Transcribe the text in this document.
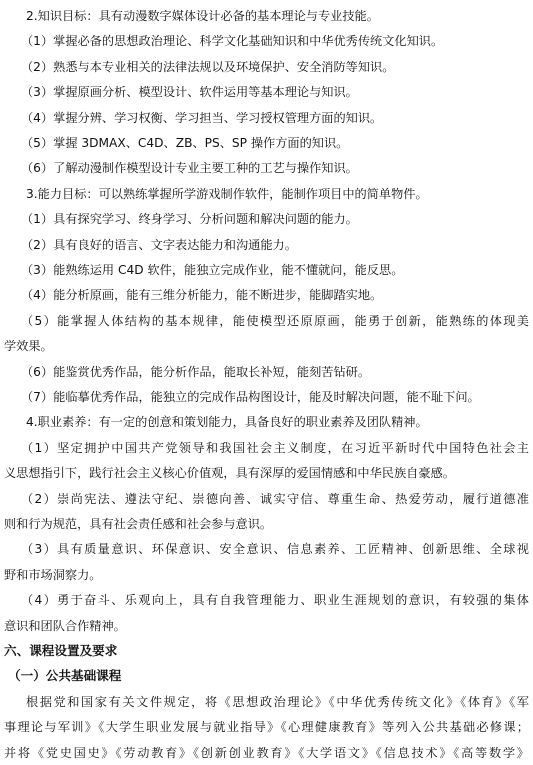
2.知识目标：具有动漫数字媒体设计必备的基本理论与专业技能。
（1）掌握必备的思想政治理论、科学文化基础知识和中华优秀传统文化知识。
（2）熟悉与本专业相关的法律法规以及环境保护、安全消防等知识。
（3）掌握原画分析、模型设计、软件运用等基本理论与知识。
（4）掌握分辨、学习权衡、学习担当、学习授权管理方面的知识。
（5）掌握 3DMAX、C4D、ZB、PS、SP 操作方面的知识。
（6）了解动漫制作模型设计专业主要工种的工艺与操作知识。
3.能力目标：可以熟练掌握所学游戏制作软件，能制作项目中的简单物件。
（1）具有探究学习、终身学习、分析问题和解决问题的能力。
（2）具有良好的语言、文字表达能力和沟通能力。
（3）能熟练运用 C4D 软件，能独立完成作业，能不懂就问，能反思。
（4）能分析原画，能有三维分析能力，能不断进步，能脚踏实地。
（5）能掌握人体结构的基本规律，能使模型还原原画，能勇于创新，能熟练的体现美
学效果。
（6）能鉴赏优秀作品，能分析作品，能取长补短，能刻苦钻研。
（7）能临摹优秀作品，能独立的完成作品构图设计，能及时解决问题，能不耻下问。
4.职业素养：有一定的创意和策划能力，具备良好的职业素养及团队精神。
（1）坚定拥护中国共产党领导和我国社会主义制度，在习近平新时代中国特色社会主
义思想指引下，践行社会主义核心价值观，具有深厚的爱国情感和中华民族自豪感。
（2）崇尚宪法、遵法守纪、崇德向善、诚实守信、尊重生命、热爱劳动，履行道德准
则和行为规范，具有社会责任感和社会参与意识。
（3）具有质量意识、环保意识、安全意识、信息素养、工匠精神、创新思维、全球视
野和市场洞察力。
（4）勇于奋斗、乐观向上，具有自我管理能力、职业生涯规划的意识，有较强的集体
意识和团队合作精神。
六、课程设置及要求
（一）公共基础课程
根据党和国家有关文件规定，将《思想政治理论》《中华优秀传统文化》《体育》《军
事理论与军训》《大学生职业发展与就业指导》《心理健康教育》等列入公共基础必修课；
并将《党史国史》《劳动教育》《创新创业教育》《大学语文》《信息技术》《高等数学》
